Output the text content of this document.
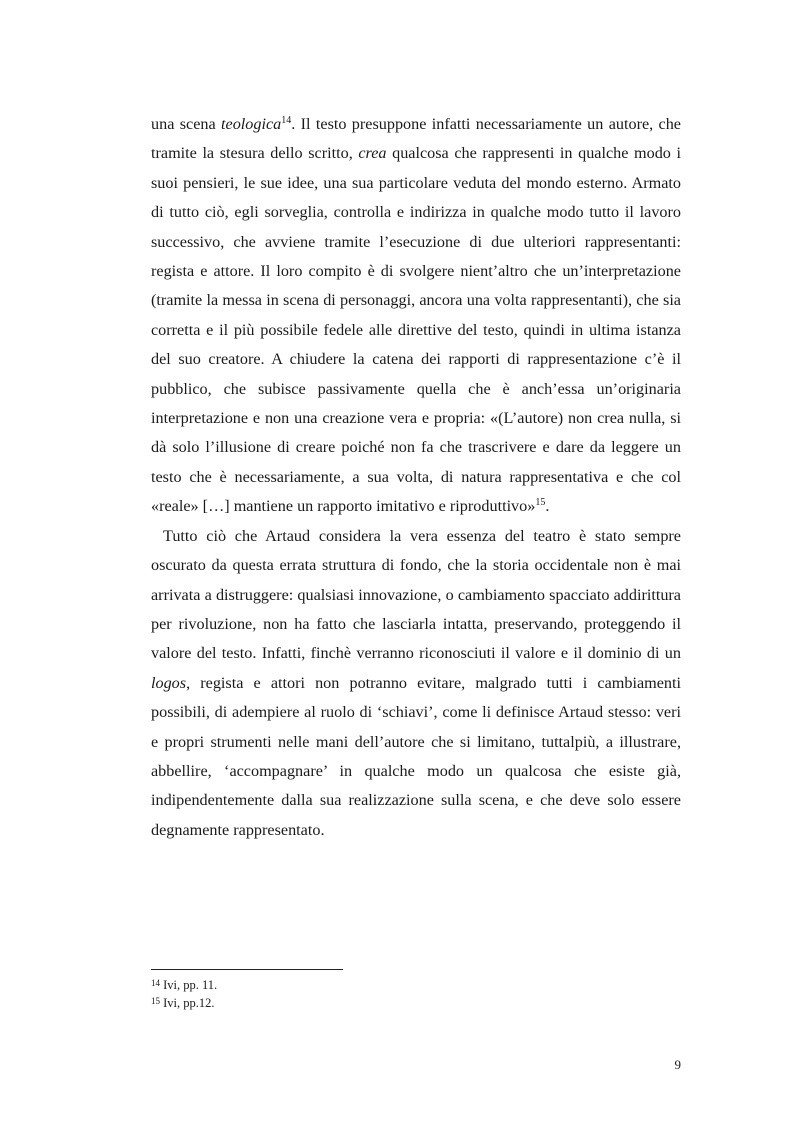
una scena teologica$^{14}$. Il testo presuppone infatti necessariamente un autore, che tramite la stesura dello scritto, crea qualcosa che rappresenti in qualche modo i suoi pensieri, le sue idee, una sua particolare veduta del mondo esterno. Armato di tutto ciò, egli sorveglia, controlla e indirizza in qualche modo tutto il lavoro successivo, che avviene tramite l’esecuzione di due ulteriori rappresentanti: regista e attore. Il loro compito è di svolgere nient’altro che un’interpretazione (tramite la messa in scena di personaggi, ancora una volta rappresentanti), che sia corretta e il più possibile fedele alle direttive del testo, quindi in ultima istanza del suo creatore. A chiudere la catena dei rapporti di rappresentazione c’è il pubblico, che subisce passivamente quella che è anch’essa un’originaria interpretazione e non una creazione vera e propria: «(L’autore) non crea nulla, si dà solo l’illusione di creare poiché non fa che trascrivere e dare da leggere un testo che è necessariamente, a sua volta, di natura rappresentativa e che col «reale» […] mantiene un rapporto imitativo e riproduttivo»$^{15}$.

Tutto ciò che Artaud considera la vera essenza del teatro è stato sempre oscurato da questa errata struttura di fondo, che la storia occidentale non è mai arrivata a distruggere: qualsiasi innovazione, o cambiamento spacciato addirittura per rivoluzione, non ha fatto che lasciarla intatta, preservando, proteggendo il valore del testo. Infatti, finchè verranno riconosciuti il valore e il dominio di un logos, regista e attori non potranno evitare, malgrado tutti i cambiamenti possibili, di adempiere al ruolo di ‘schiavi’, come li definisce Artaud stesso: veri e propri strumenti nelle mani dell’autore che si limitano, tuttalpiù, a illustrare, abbellire, ‘accompagnare’ in qualche modo un qualcosa che esiste già, indipendentemente dalla sua realizzazione sulla scena, e che deve solo essere degnamente rappresentato.

$^{14}$ Ivi, pp. 11.
$^{15}$ Ivi, pp.12.
9
